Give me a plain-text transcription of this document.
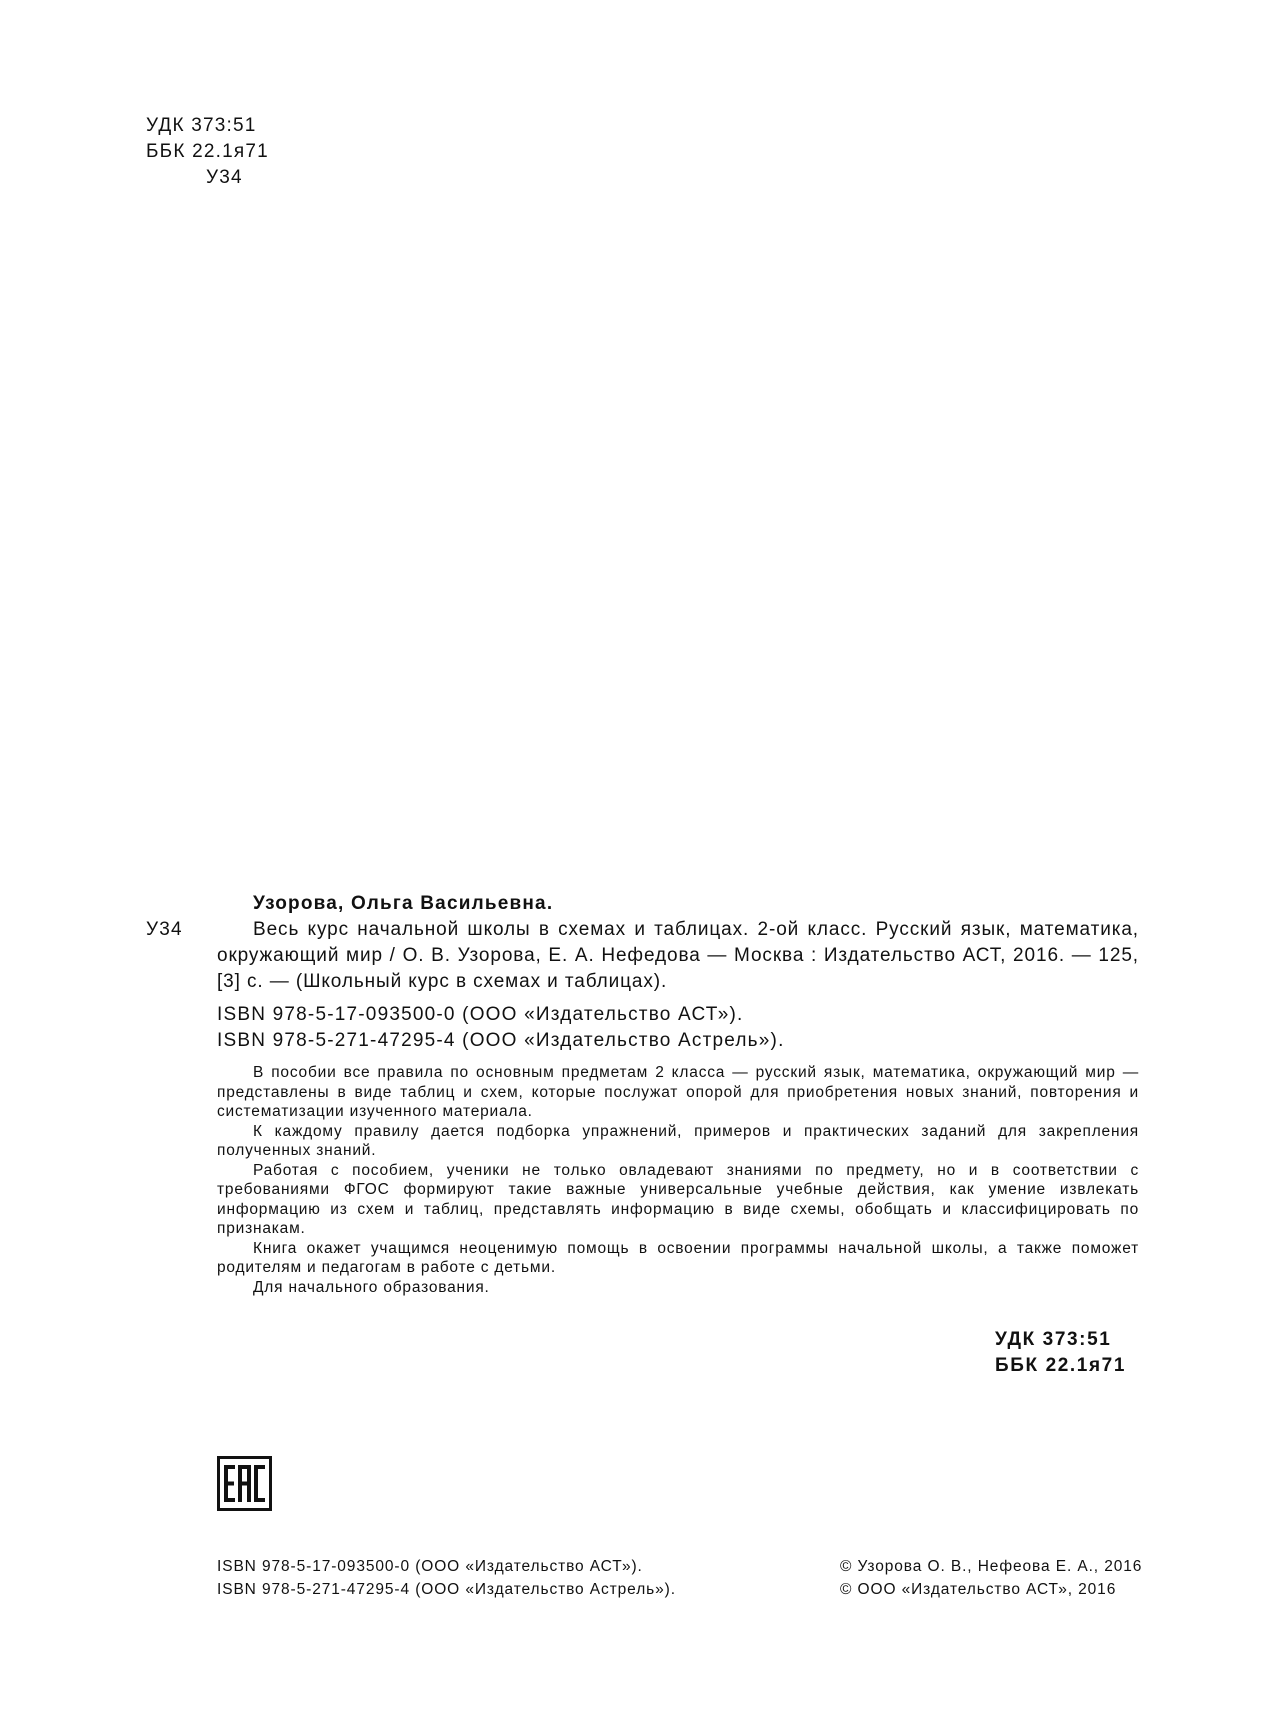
УДК 373:51
ББК 22.1я71
У34
Узорова, Ольга Васильевна.
У34	Весь курс начальной школы в схемах и таблицах. 2-ой класс. Русский язык, математика, окружающий мир / О. В. Узорова, Е. А. Нефедова — Москва : Издательство АСТ, 2016. — 125,[3] с. — (Школьный курс в схемах и таблицах).
ISBN 978-5-17-093500-0 (ООО «Издательство АСТ»).
ISBN 978-5-271-47295-4 (ООО «Издательство Астрель»).

В пособии все правила по основным предметам 2 класса — русский язык, математика, окружающий мир — представлены в виде таблиц и схем, которые послужат опорой для приобретения новых знаний, повторения и систематизации изученного материала.

К каждому правилу дается подборка упражнений, примеров и практических заданий для закрепления полученных знаний.

Работая с пособием, ученики не только овладевают знаниями по предмету, но и в соответствии с требованиями ФГОС формируют такие важные универсальные учебные действия, как умение извлекать информацию из схем и таблиц, представлять информацию в виде схемы, обобщать и классифицировать по признакам.

Книга окажет учащимся неоценимую помощь в освоении программы начальной школы, а также поможет родителям и педагогам в работе с детьми.

Для начального образования.

УДК 373:51
ББК 22.1я71
ISBN 978-5-17-093500-0 (ООО «Издательство АСТ»).
ISBN 978-5-271-47295-4 (ООО «Издательство Астрель»).
© Узорова О. В., Нефеова Е. А., 2016
© ООО «Издательство АСТ», 2016
